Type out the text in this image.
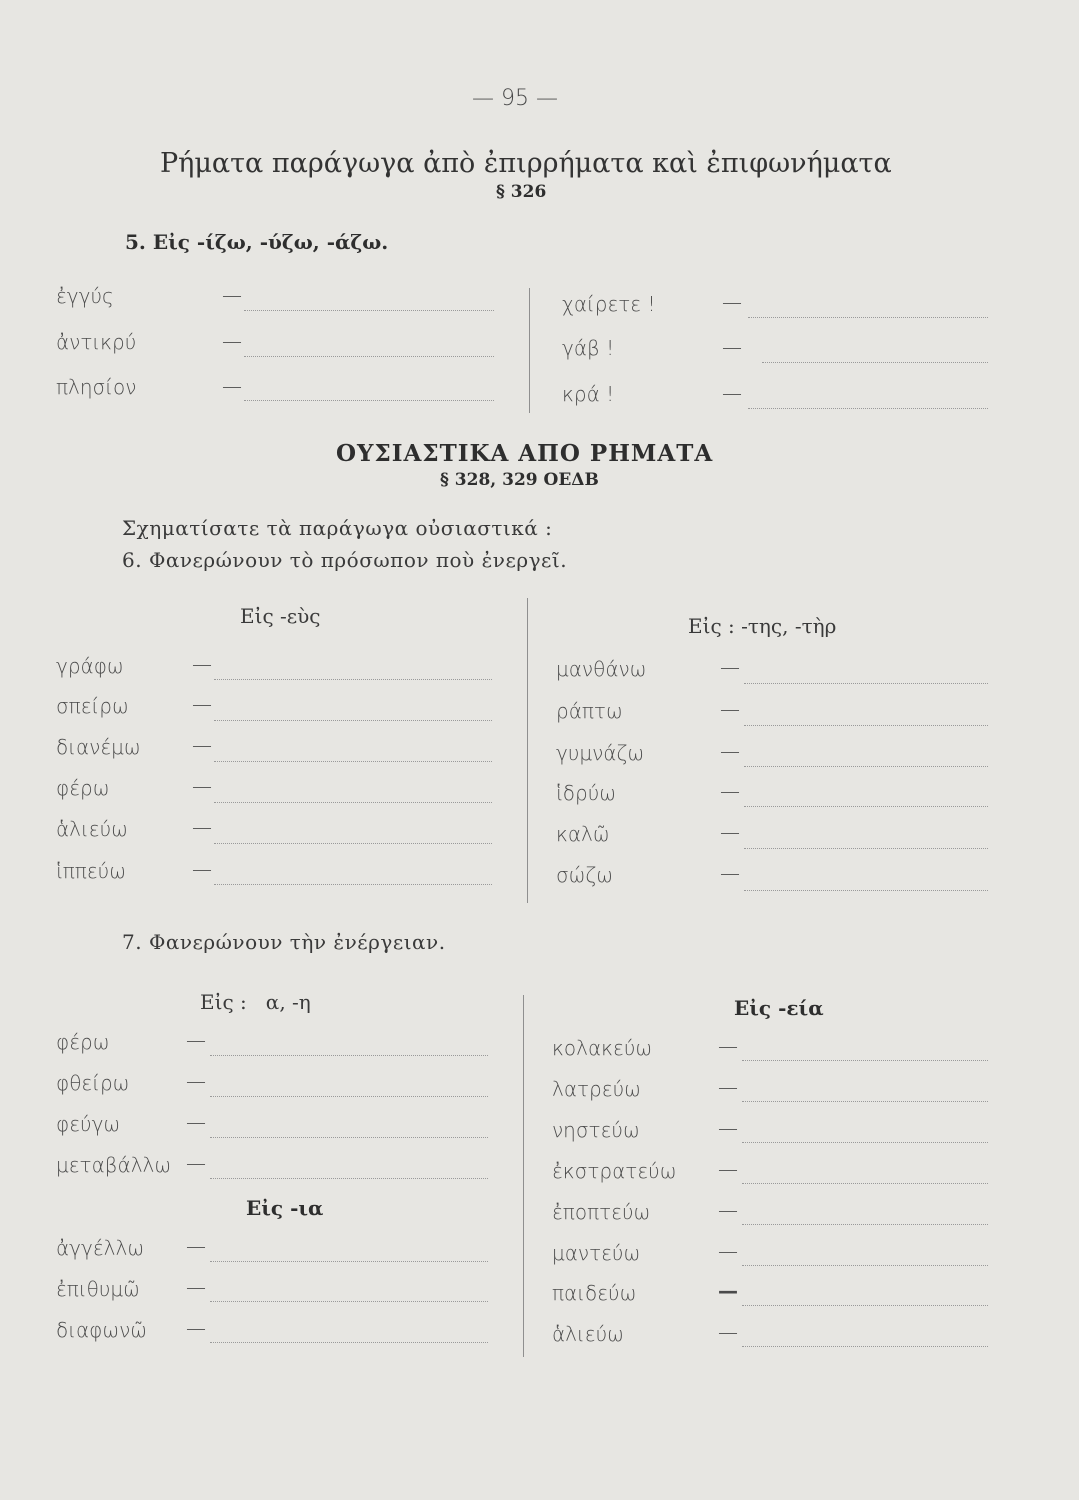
— 95 —
Ρήματα παράγωγα ἀπὸ ἐπιρρήματα καὶ ἐπιφωνήματα
§ 326
5. Εἰς -ίζω, -ύζω, -άζω.
ἐγγύς	—
ἀντικρύ	—
πλησίον	—
χαίρετε !	—
γάβ !	—
κρά !	—
ΟΥΣΙΑΣΤΙΚΑ ΑΠΟ ΡΗΜΑΤΑ
§ 328, 329 ΟΕΔΒ
Σχηματίσατε τὰ παράγωγα οὐσιαστικά :
6. Φανερώνουν τὸ πρόσωπον ποὺ ἐνεργεῖ.
Εἰς -εὺς	Εἰς : -της, -τὴρ
γράφω	—
σπείρω	—
διανέμω	—
φέρω	—
ἁλιεύω	—
ἱππεύω	—
μανθάνω	—
ράπτω	—
γυμνάζω	—
ἱδρύω	—
καλῶ	—
σώζω	—
7. Φανερώνουν τὴν ἐνέργειαν.
Εἰς :   α, -η	Εἰς -εία
φέρω	—
φθείρω	—
φεύγω	—
μεταβάλλω —
Εἰς -ια
ἀγγέλλω —
ἐπιθυμῶ —
διαφωνῶ —
κολακεύω	—
λατρεύω	—
νηστεύω	—
ἐκστρατεύω —
ἐποπτεύω	—
μαντεύω	—
παιδεύω	—
ἁλιεύω	—
